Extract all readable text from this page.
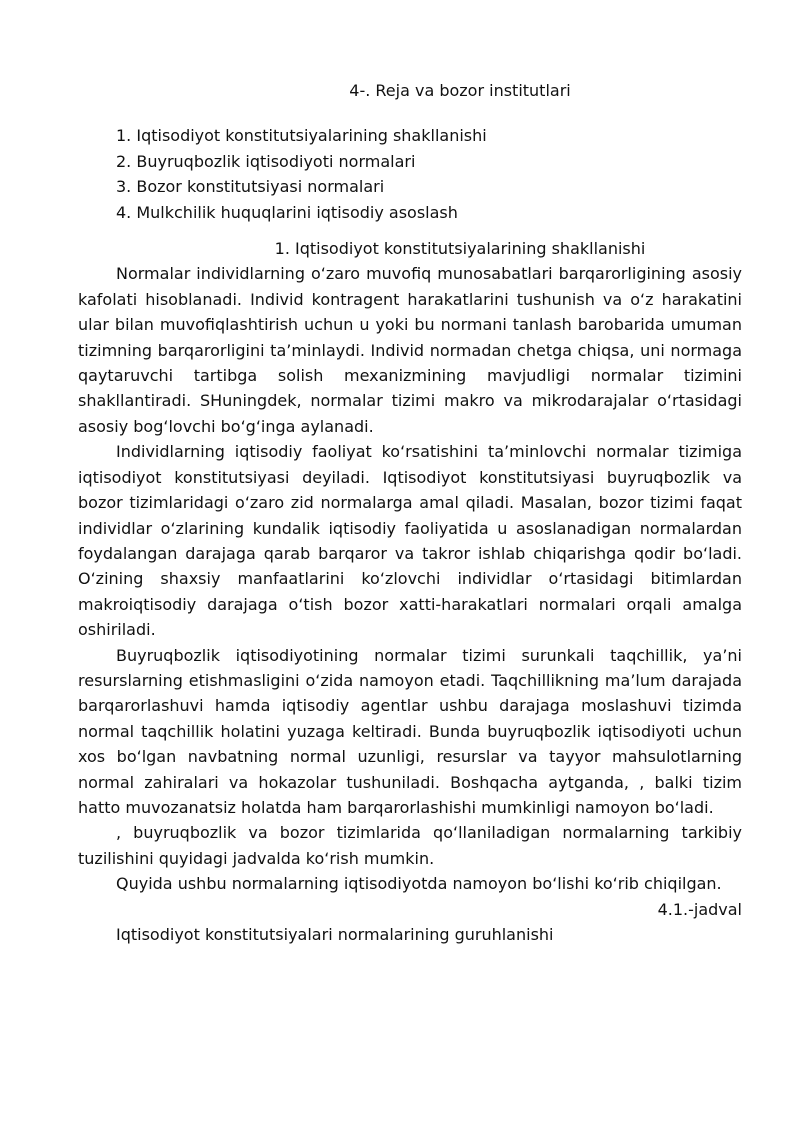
4-. Reja va bozor institutlari

1. Iqtisodiyot konstitutsiyalarining shakllanishi
2. Buyruqbozlik iqtisodiyoti normalari
3. Bozor konstitutsiyasi normalari
4. Mulkchilik huquqlarini iqtisodiy asoslash

1. Iqtisodiyot konstitutsiyalarining shakllanishi

Normalar individlarning o‘zaro muvofiq munosabatlari barqarorligining asosiy kafolati hisoblanadi. Individ kontragent harakatlarini tushunish va o‘z harakatini ular bilan muvofiqlashtirish uchun u yoki bu normani tanlash barobarida umuman tizimning barqarorligini ta’minlaydi. Individ normadan chetga chiqsa, uni normaga qaytaruvchi tartibga solish mexanizmining mavjudligi normalar tizimini shakllantiradi. SHuningdek, normalar tizimi makro va mikrodarajalar o‘rtasidagi asosiy bog‘lovchi bo‘g‘inga aylanadi.

Individlarning iqtisodiy faoliyat ko‘rsatishini ta’minlovchi normalar tizimiga iqtisodiyot konstitutsiyasi deyiladi. Iqtisodiyot konstitutsiyasi buyruqbozlik va bozor tizimlaridagi o‘zaro zid normalarga amal qiladi. Masalan, bozor tizimi faqat individlar o‘zlarining kundalik iqtisodiy faoliyatida u asoslanadigan normalardan foydalangan darajaga qarab barqaror va takror ishlab chiqarishga qodir bo‘ladi. O‘zining shaxsiy manfaatlarini ko‘zlovchi individlar o‘rtasidagi bitimlardan makroiqtisodiy darajaga o‘tish bozor xatti-harakatlari normalari orqali amalga oshiriladi.

Buyruqbozlik iqtisodiyotining normalar tizimi surunkali taqchillik, ya’ni resurslarning etishmasligini o‘zida namoyon etadi. Taqchillikning ma’lum darajada barqarorlashuvi hamda iqtisodiy agentlar ushbu darajaga moslashuvi tizimda normal taqchillik holatini yuzaga keltiradi. Bunda buyruqbozlik iqtisodiyoti uchun xos bo‘lgan navbatning normal uzunligi, resurslar va tayyor mahsulotlarning normal zahiralari va hokazolar tushuniladi. Boshqacha aytganda, , balki tizim hatto muvozanatsiz holatda ham barqarorlashishi mumkinligi namoyon bo‘ladi.

, buyruqbozlik va bozor tizimlarida qo‘llaniladigan normalarning tarkibiy tuzilishini quyidagi jadvalda ko‘rish mumkin.

Quyida ushbu normalarning iqtisodiyotda namoyon bo‘lishi ko‘rib chiqilgan.

4.1.-jadval

Iqtisodiyot konstitutsiyalari normalarining guruhlanishi
